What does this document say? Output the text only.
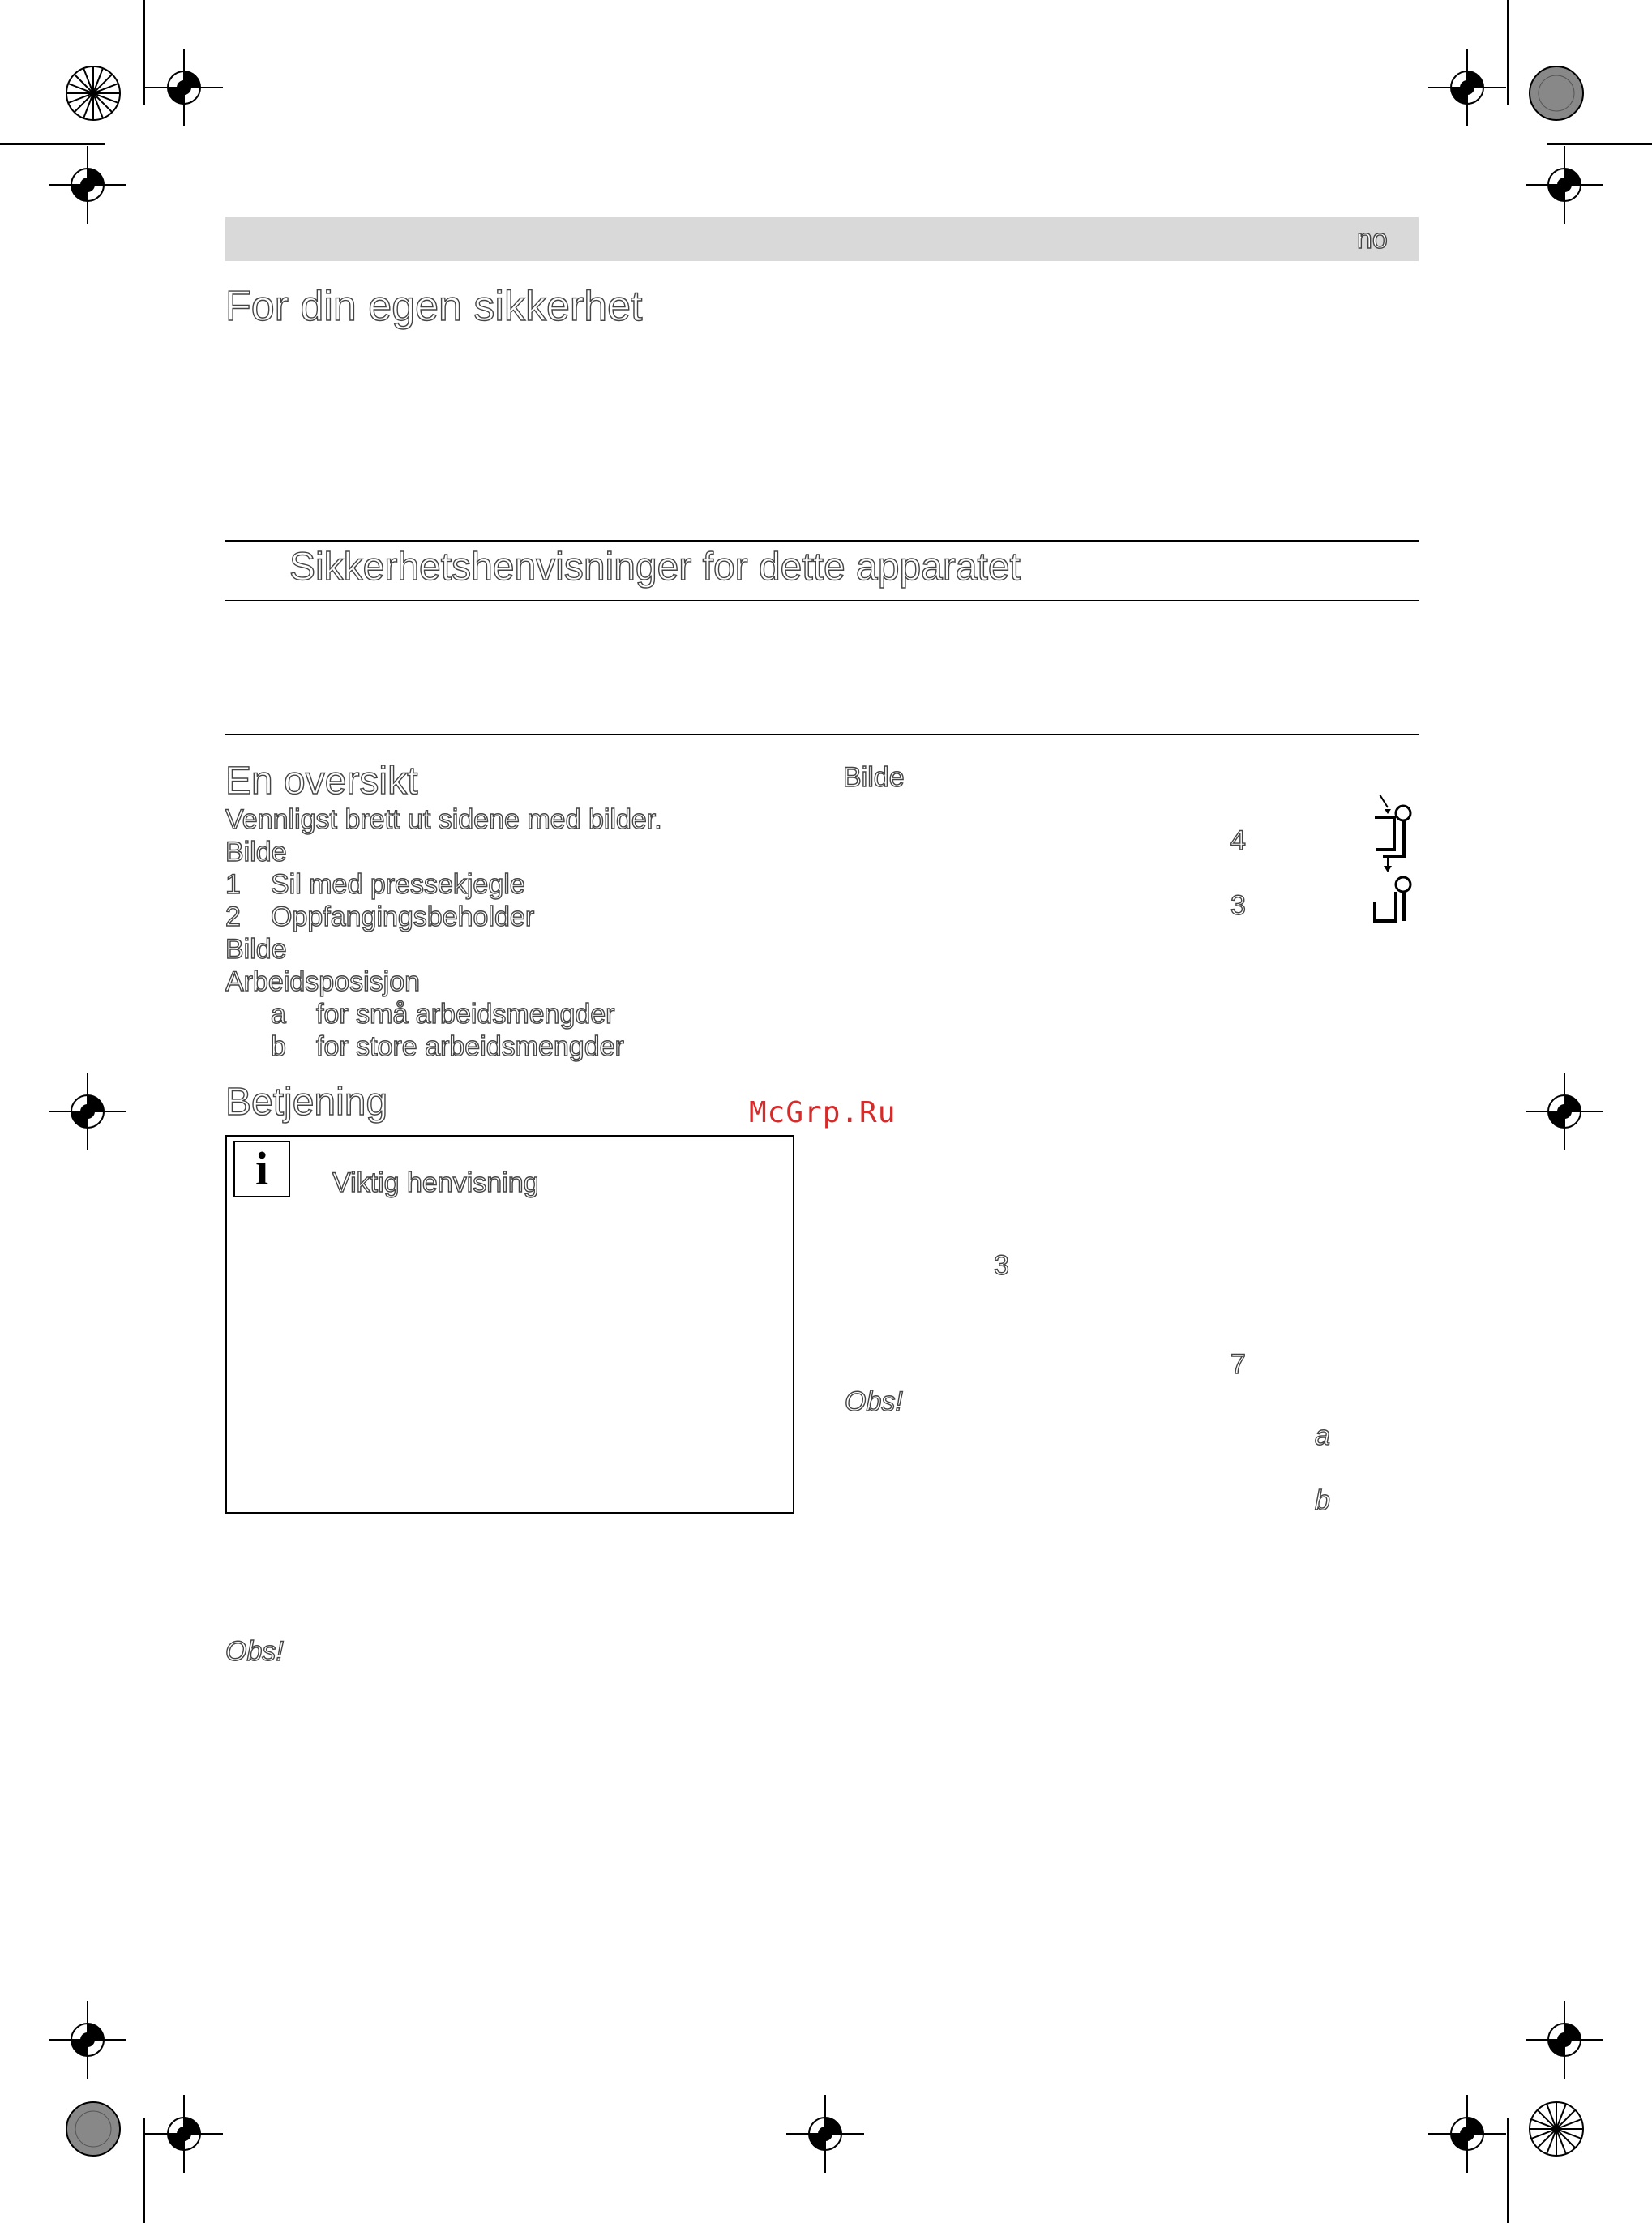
no
For din egen sikkerhet
Sikkerhetshenvisninger for dette apparatet
En oversikt
Vennligst brett ut sidene med bilder.
Bilde
1 Sil med pressekjegle
2 Oppfangingsbeholder
Bilde
Arbeidsposisjon
a for små arbeidsmengder
b for store arbeidsmengder
Betjening
i	Viktig henvisning
Obs!
Bilde
4
3
McGrp.Ru
3
7
Obs!
a
b
